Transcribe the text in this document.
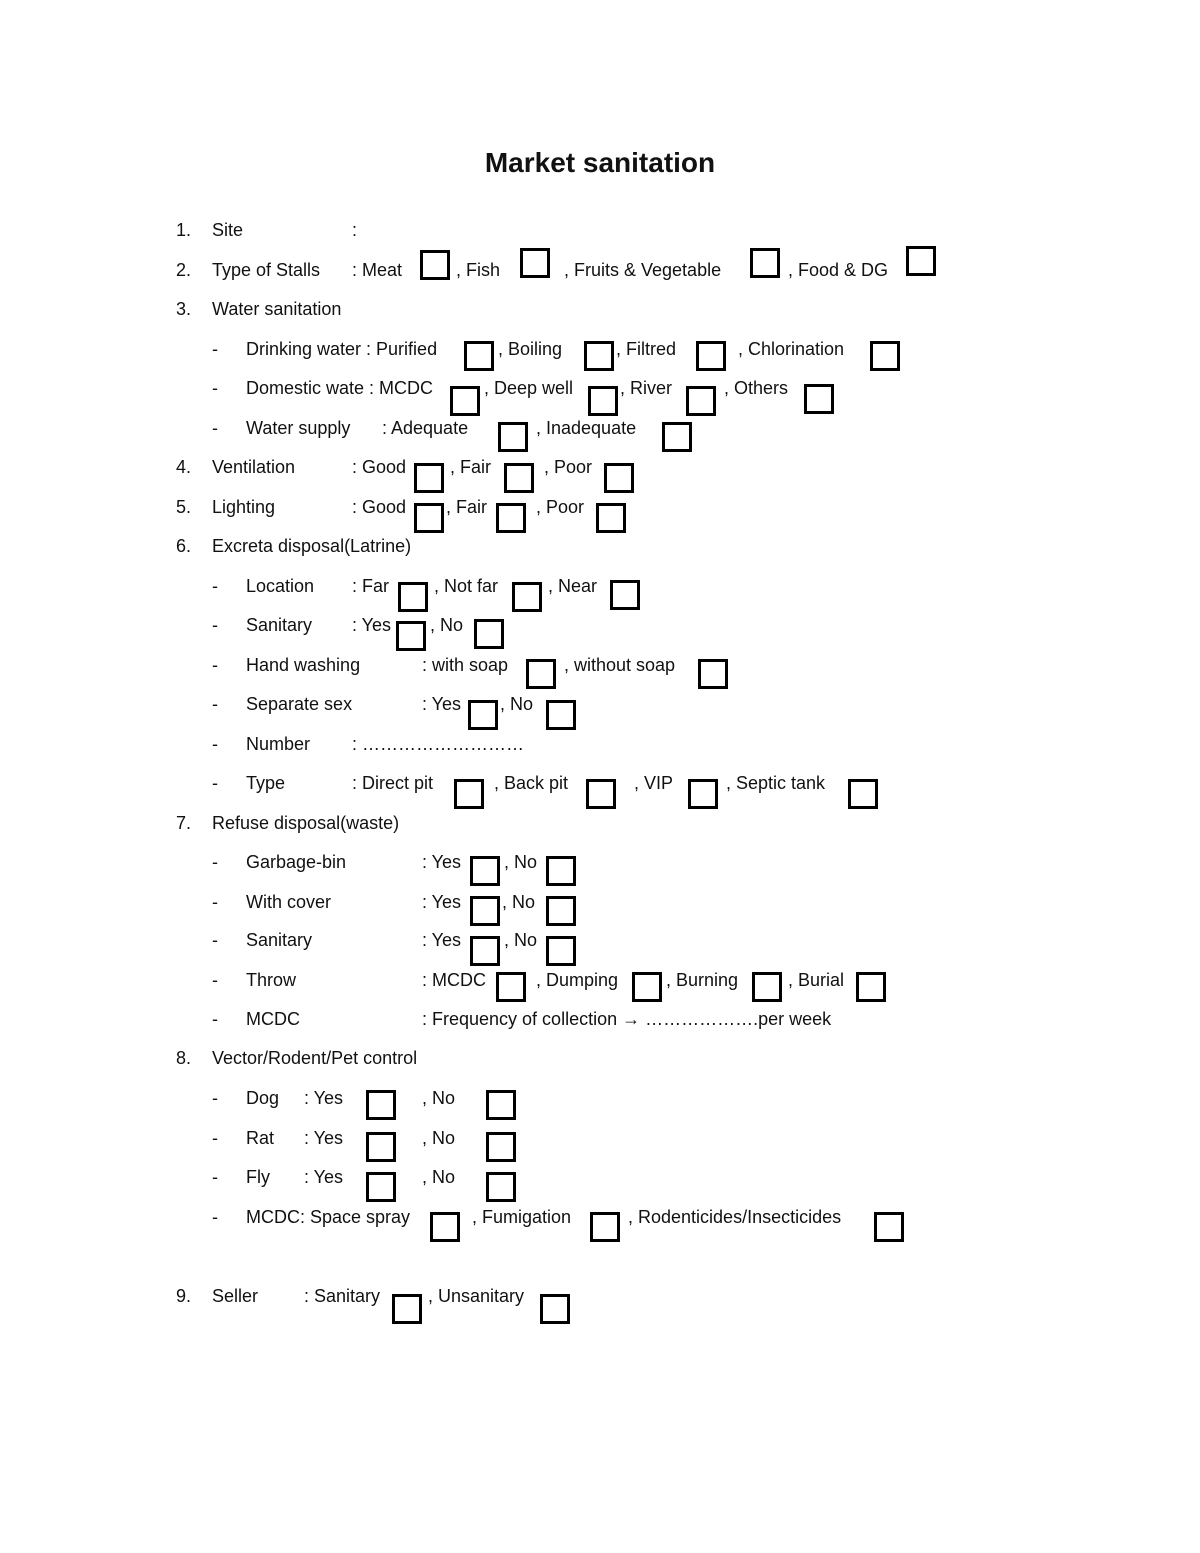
Market sanitation
1. Site	:
2. Type of Stalls : Meat	, Fish	, Fruits & Vegetable	, Food & DG
3. Water sanitation
- Drinking water : Purified	, Boiling	, Filtred	, Chlorination
- Domestic wate : MCDC	, Deep well	, River	, Others
- Water supply : Adequate	, Inadequate
4. Ventilation	: Good , Fair	, Poor
5. Lighting	: Good , Fair	, Poor
6. Excreta disposal(Latrine)
- Location : Far , Not far	, Near
- Sanitary : Yes , No
- Hand washing	: with soap	, without soap
- Separate sex	: Yes , No
- Number : ………………………
- Type	: Direct pit	, Back pit	, VIP	, Septic tank
7. Refuse disposal(waste)
- Garbage-bin	: Yes , No
- With cover	: Yes , No
- Sanitary	: Yes , No
- Throw	: MCDC	, Dumping	, Burning	, Burial
- MCDC	: Frequency of collection → ……………….per week
8. Vector/Rodent/Pet control
- Dog : Yes	, No
- Rat : Yes	, No
- Fly : Yes	, No
- MCDC: Space spray	, Fumigation	, Rodenticides/Insecticides
9. Seller	: Sanitary	, Unsanitary
